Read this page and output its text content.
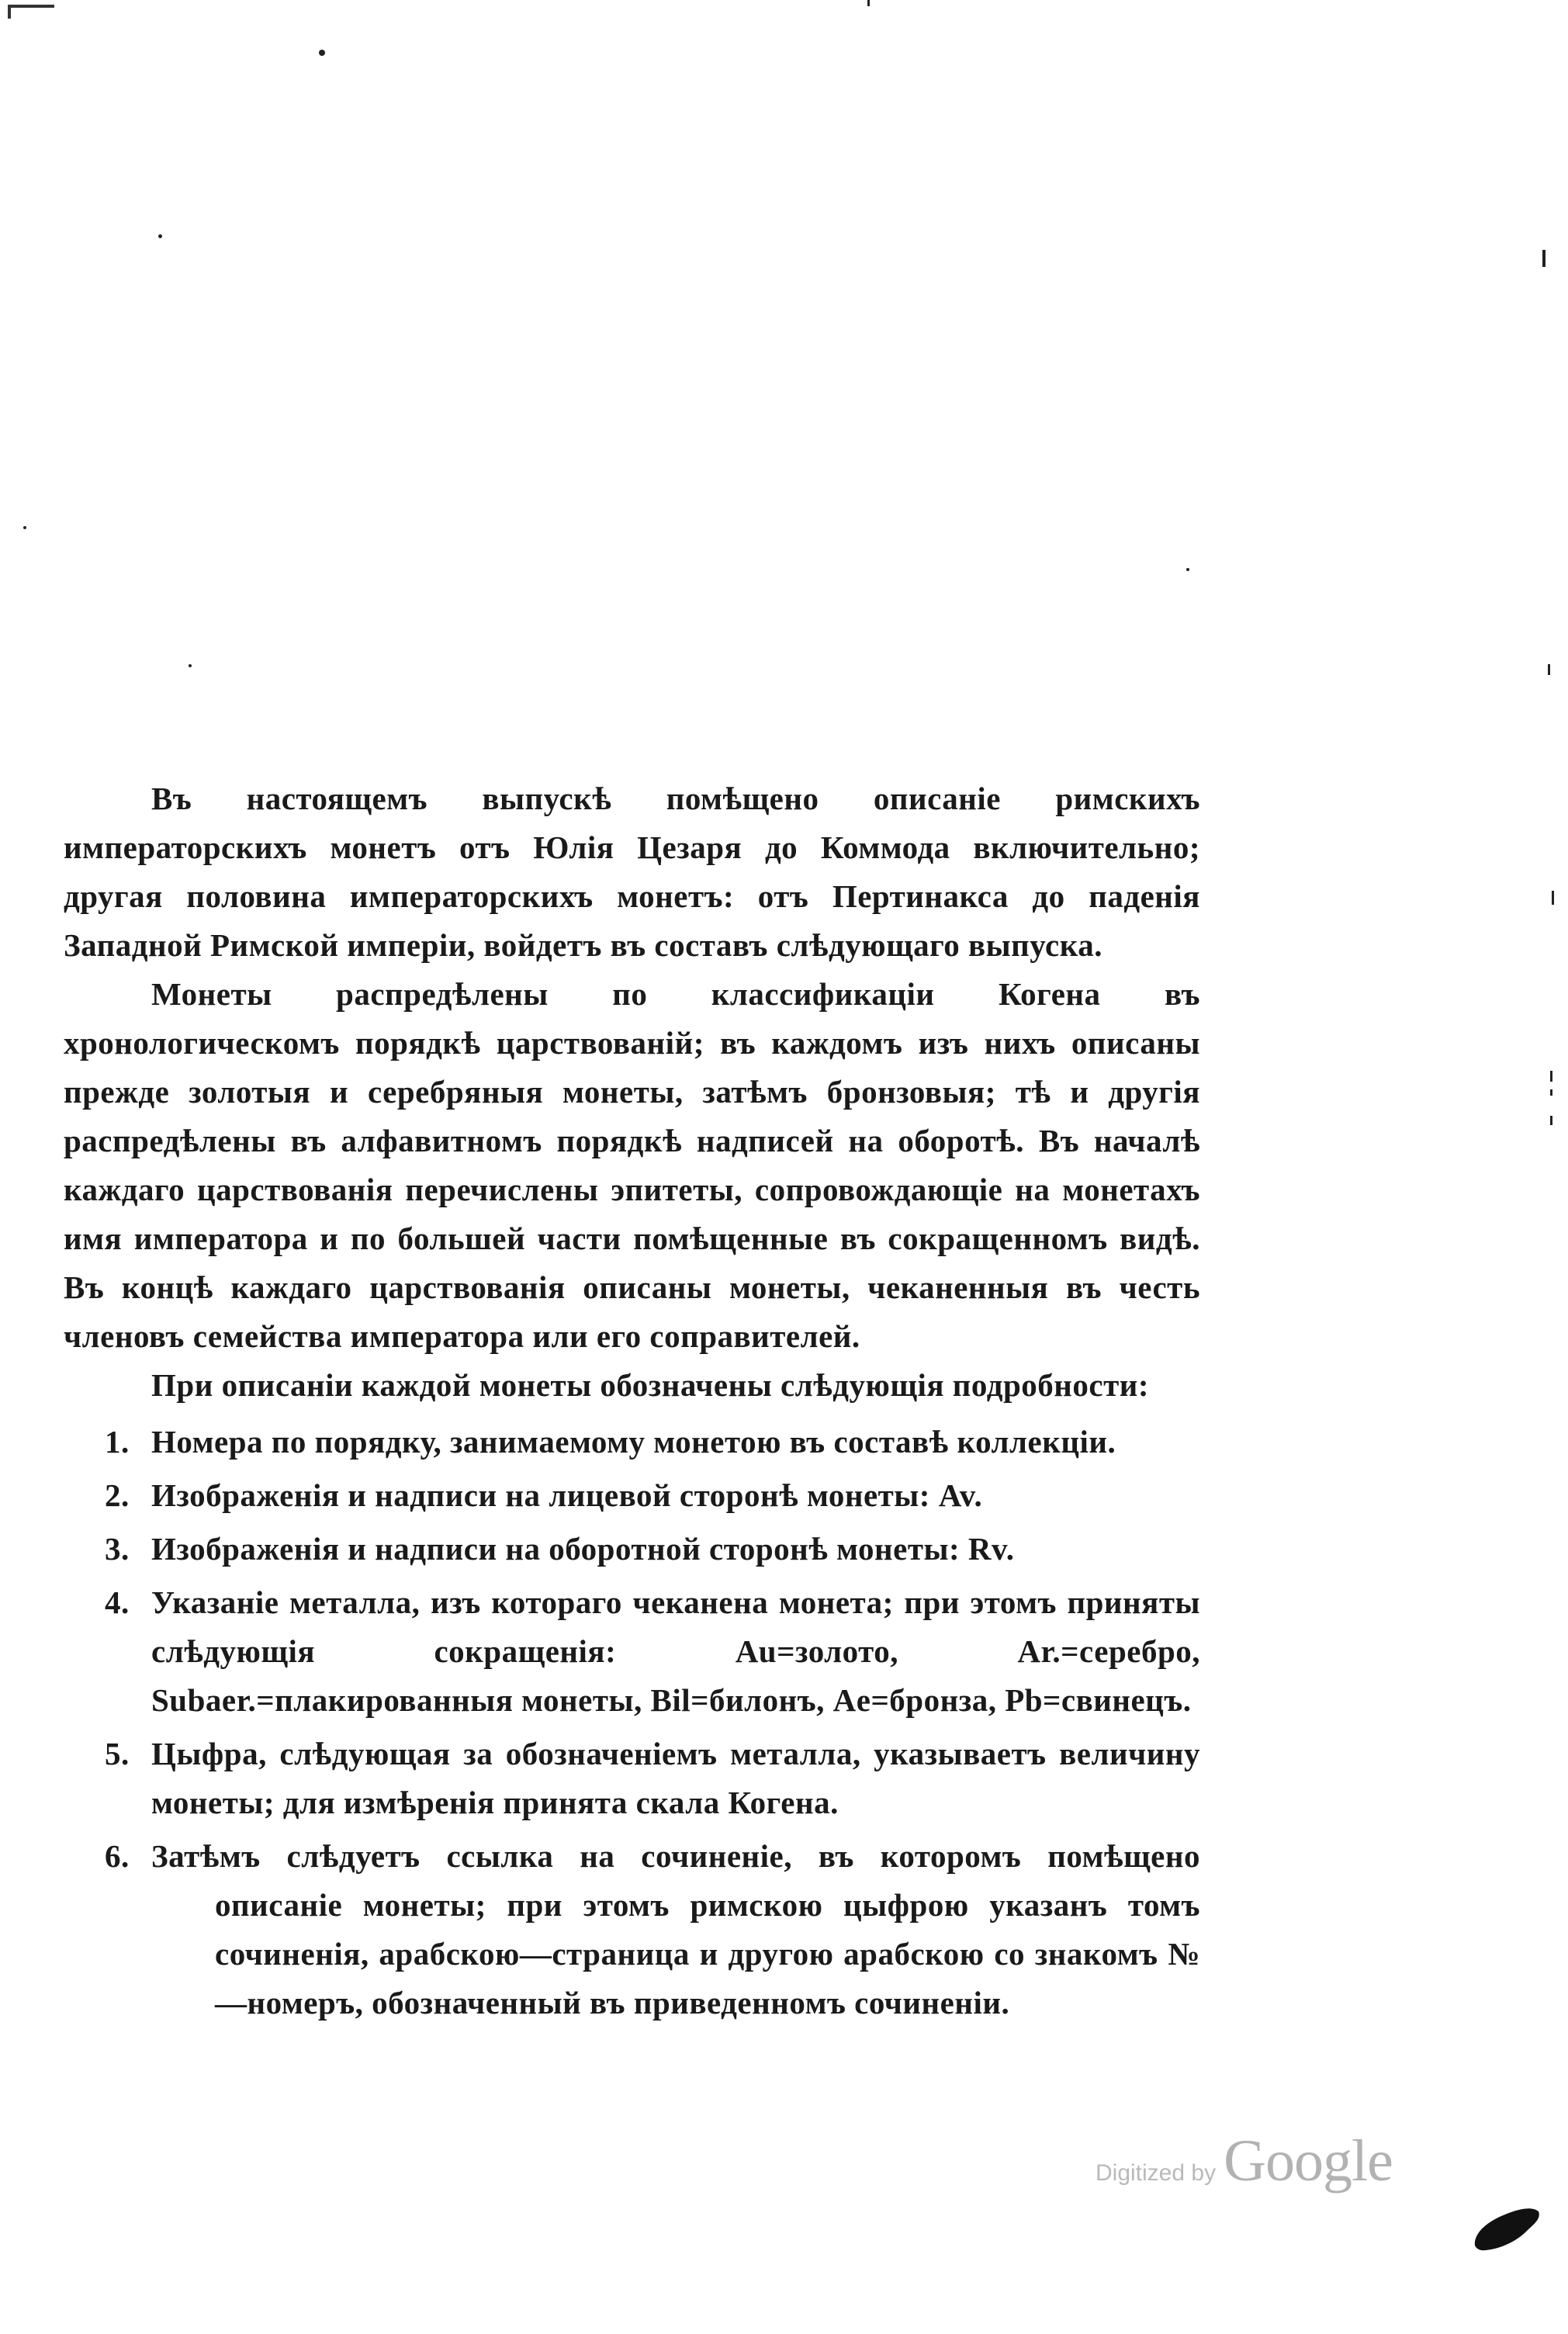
Въ настоящемъ выпускѣ помѣщено описаніе римскихъ императорскихъ монетъ отъ Юлія Цезаря до Коммода включительно; другая половина императорскихъ монетъ: отъ Пертинакса до паденія Западной Римской имперіи, войдетъ въ составъ слѣдующаго выпуска.

Монеты распредѣлены по классификаціи Когена въ хронологическомъ порядкѣ царствованій; въ каждомъ изъ нихъ описаны прежде золотыя и серебряныя монеты, затѣмъ бронзовыя; тѣ и другія распредѣлены въ алфавитномъ порядкѣ надписей на оборотѣ. Въ началѣ каждаго царствованія перечислены эпитеты, сопровождающіе на монетахъ имя императора и по большей части помѣщенные въ сокращенномъ видѣ. Въ концѣ каждаго царствованія описаны монеты, чеканенныя въ честь членовъ семейства императора или его соправителей.

При описаніи каждой монеты обозначены слѣдующія подробности:

1. Номера по порядку, занимаемому монетою въ составѣ коллекціи.
2. Изображенія и надписи на лицевой сторонѣ монеты: Av.
3. Изображенія и надписи на оборотной сторонѣ монеты: Rv.
4. Указаніе металла, изъ котораго чеканена монета; при этомъ приняты слѣдующія сокращенія: Au=золото, Ar.=серебро, Subaer.=плакированныя монеты, Bil=билонъ, Ae=бронза, Pb=свинецъ.
5. Цыфра, слѣдующая за обозначеніемъ металла, указываетъ величину монеты; для измѣренія принята скала Когена.
6. Затѣмъ слѣдуетъ ссылка на сочиненіе, въ которомъ помѣщено описаніе монеты; при этомъ римскою цыфрою указанъ томъ сочиненія, арабскою—страница и другою арабскою со знакомъ №—номеръ, обозначенный въ приведенномъ сочиненіи.
Digitized by Google
